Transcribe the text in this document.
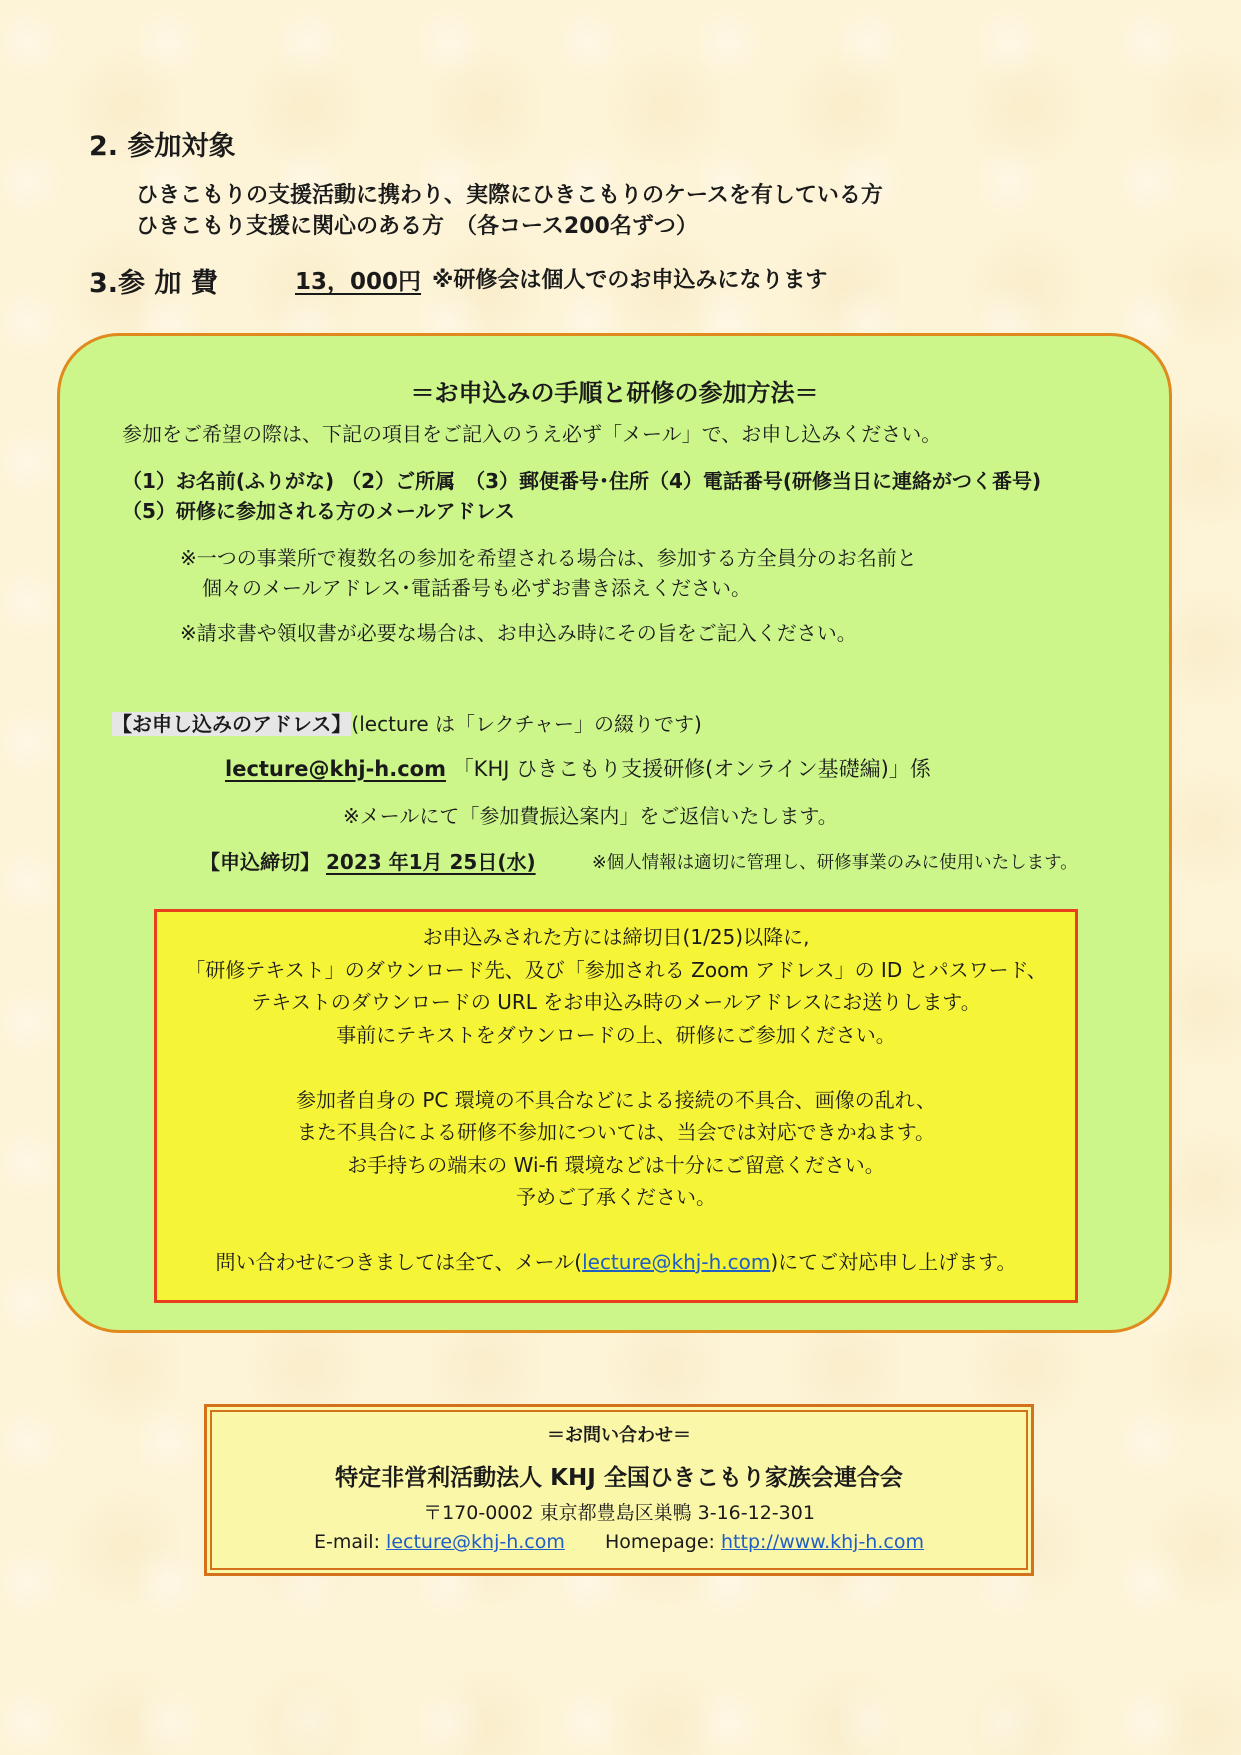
2. 参加対象
ひきこもりの支援活動に携わり、実際にひきこもりのケースを有している方
ひきこもり支援に関心のある方　（各コース200名ずつ）
3.参 加 費	13，000円 ※研修会は個人でのお申込みになります
＝お申込みの手順と研修の参加方法＝
参加をご希望の際は、下記の項目をご記入のうえ必ず「メール」で、お申し込みください。
（1）お名前(ふりがな) （2）ご所属　（3）郵便番号･住所（4）電話番号(研修当日に連絡がつく番号)
（5）研修に参加される方のメールアドレス
※一つの事業所で複数名の参加を希望される場合は、参加する方全員分のお名前と
個々のメールアドレス･電話番号も必ずお書き添えください。
※請求書や領収書が必要な場合は、お申込み時にその旨をご記入ください。
【お申し込みのアドレス】(lecture は「レクチャー」の綴りです)
lecture@khj-h.com 「KHJ ひきこもり支援研修(オンライン基礎編)」係
※メールにて「参加費振込案内」をご返信いたします。
【申込締切】 2023 年1月 25日(水)	※個人情報は適切に管理し、研修事業のみに使用いたします。
お申込みされた方には締切日(1/25)以降に,
「研修テキスト」のダウンロード先、及び「参加される Zoom アドレス」の ID とパスワード、
テキストのダウンロードの URL をお申込み時のメールアドレスにお送りします。
事前にテキストをダウンロードの上、研修にご参加ください。
参加者自身の PC 環境の不具合などによる接続の不具合、画像の乱れ、
また不具合による研修不参加については、当会では対応できかねます。
お手持ちの端末の Wi-fi 環境などは十分にご留意ください。
予めご了承ください。
問い合わせにつきましては全て、メール(lecture@khj-h.com)にてご対応申し上げます。
＝お問い合わせ＝
特定非営利活動法人 KHJ 全国ひきこもり家族会連合会
〒170-0002 東京都豊島区巣鴨 3-16-12-301
E-mail: lecture@khj-h.com Homepage: http://www.khj-h.com
